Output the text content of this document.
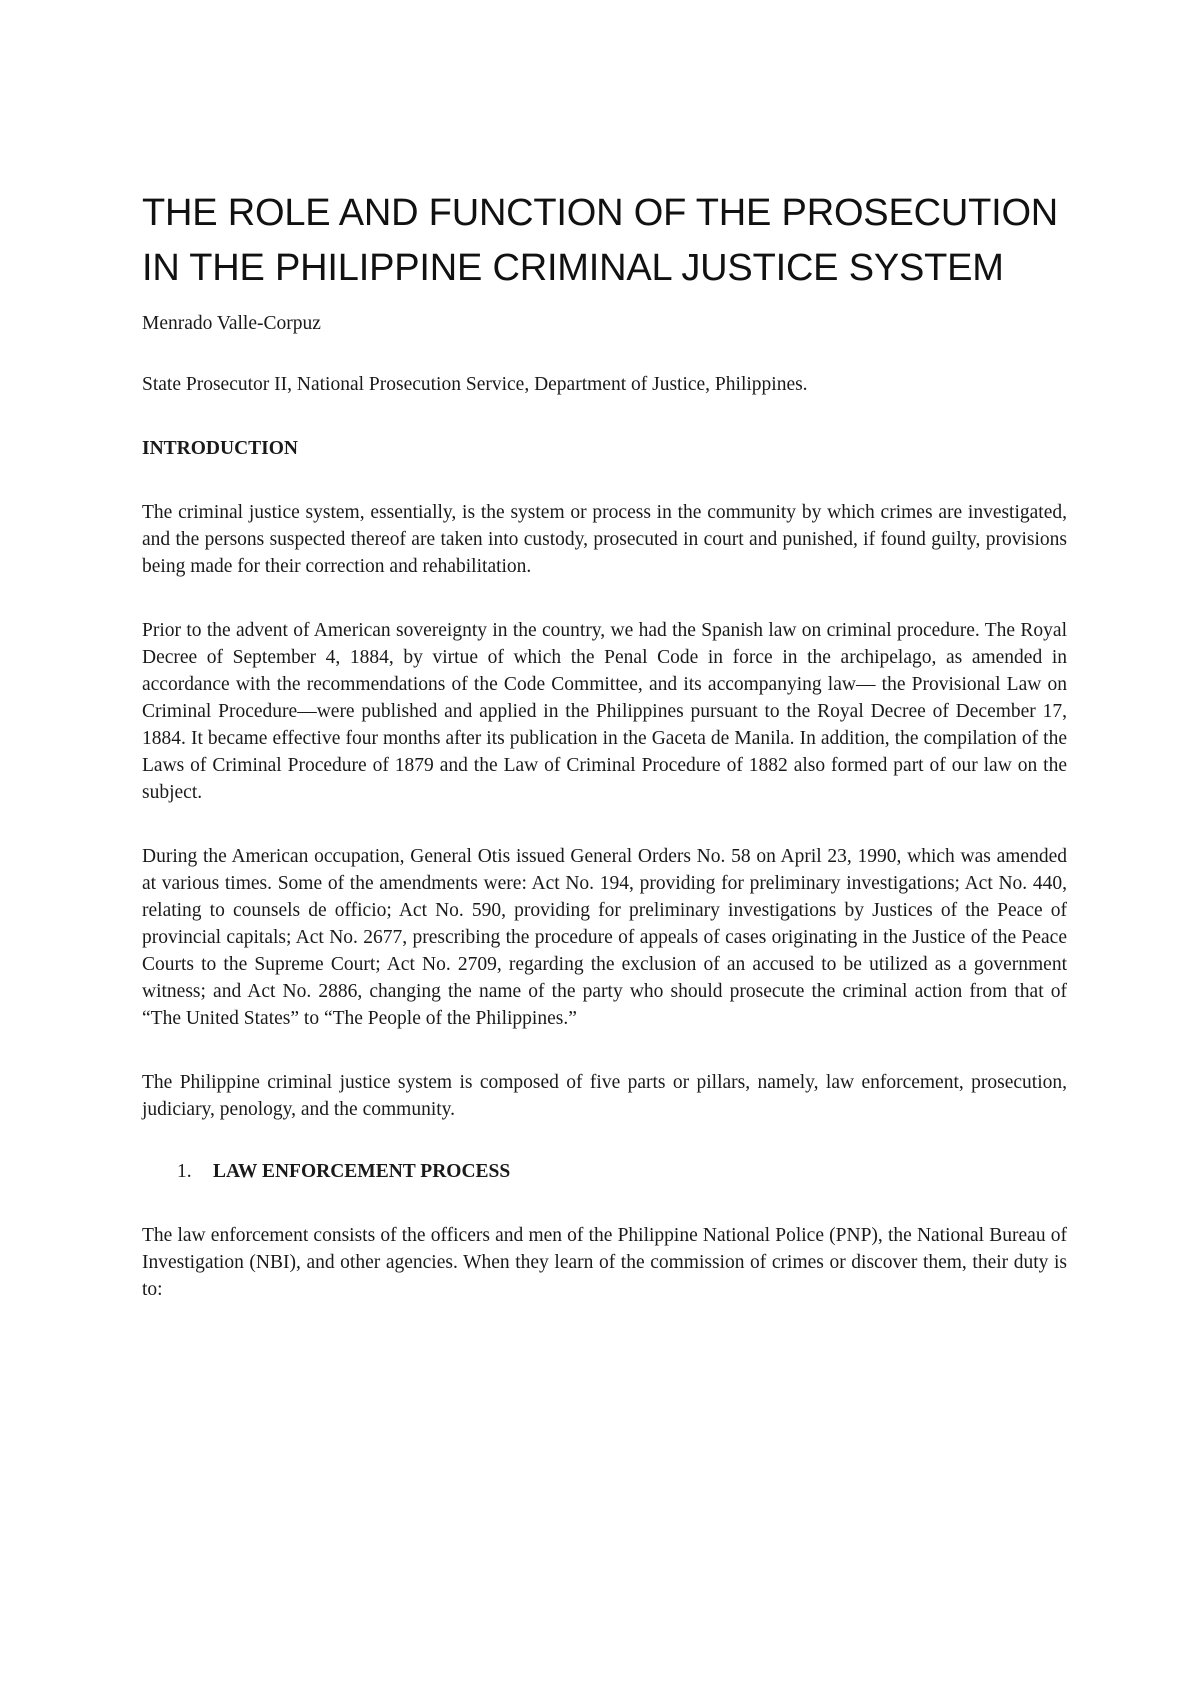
THE ROLE AND FUNCTION OF THE PROSECUTION IN THE PHILIPPINE CRIMINAL JUSTICE SYSTEM

Menrado Valle-Corpuz

State Prosecutor II, National Prosecution Service, Department of Justice, Philippines.

INTRODUCTION

The criminal justice system, essentially, is the system or process in the community by which crimes are investigated, and the persons suspected thereof are taken into custody, prosecuted in court and punished, if found guilty, provisions being made for their correction and rehabilitation.

Prior to the advent of American sovereignty in the country, we had the Spanish law on criminal procedure. The Royal Decree of September 4, 1884, by virtue of which the Penal Code in force in the archipelago, as amended in accordance with the recommendations of the Code Committee, and its accompanying law— the Provisional Law on Criminal Procedure—were published and applied in the Philippines pursuant to the Royal Decree of December 17, 1884. It became effective four months after its publication in the Gaceta de Manila. In addition, the compilation of the Laws of Criminal Procedure of 1879 and the Law of Criminal Procedure of 1882 also formed part of our law on the subject.

During the American occupation, General Otis issued General Orders No. 58 on April 23, 1990, which was amended at various times. Some of the amendments were: Act No. 194, providing for preliminary investigations; Act No. 440, relating to counsels de officio; Act No. 590, providing for preliminary investigations by Justices of the Peace of provincial capitals; Act No. 2677, prescribing the procedure of appeals of cases originating in the Justice of the Peace Courts to the Supreme Court; Act No. 2709, regarding the exclusion of an accused to be utilized as a government witness; and Act No. 2886, changing the name of the party who should prosecute the criminal action from that of “The United States” to “The People of the Philippines.”

The Philippine criminal justice system is composed of five parts or pillars, namely, law enforcement, prosecution, judiciary, penology, and the community.

1. LAW ENFORCEMENT PROCESS

The law enforcement consists of the officers and men of the Philippine National Police (PNP), the National Bureau of Investigation (NBI), and other agencies. When they learn of the commission of crimes or discover them, their duty is to:
